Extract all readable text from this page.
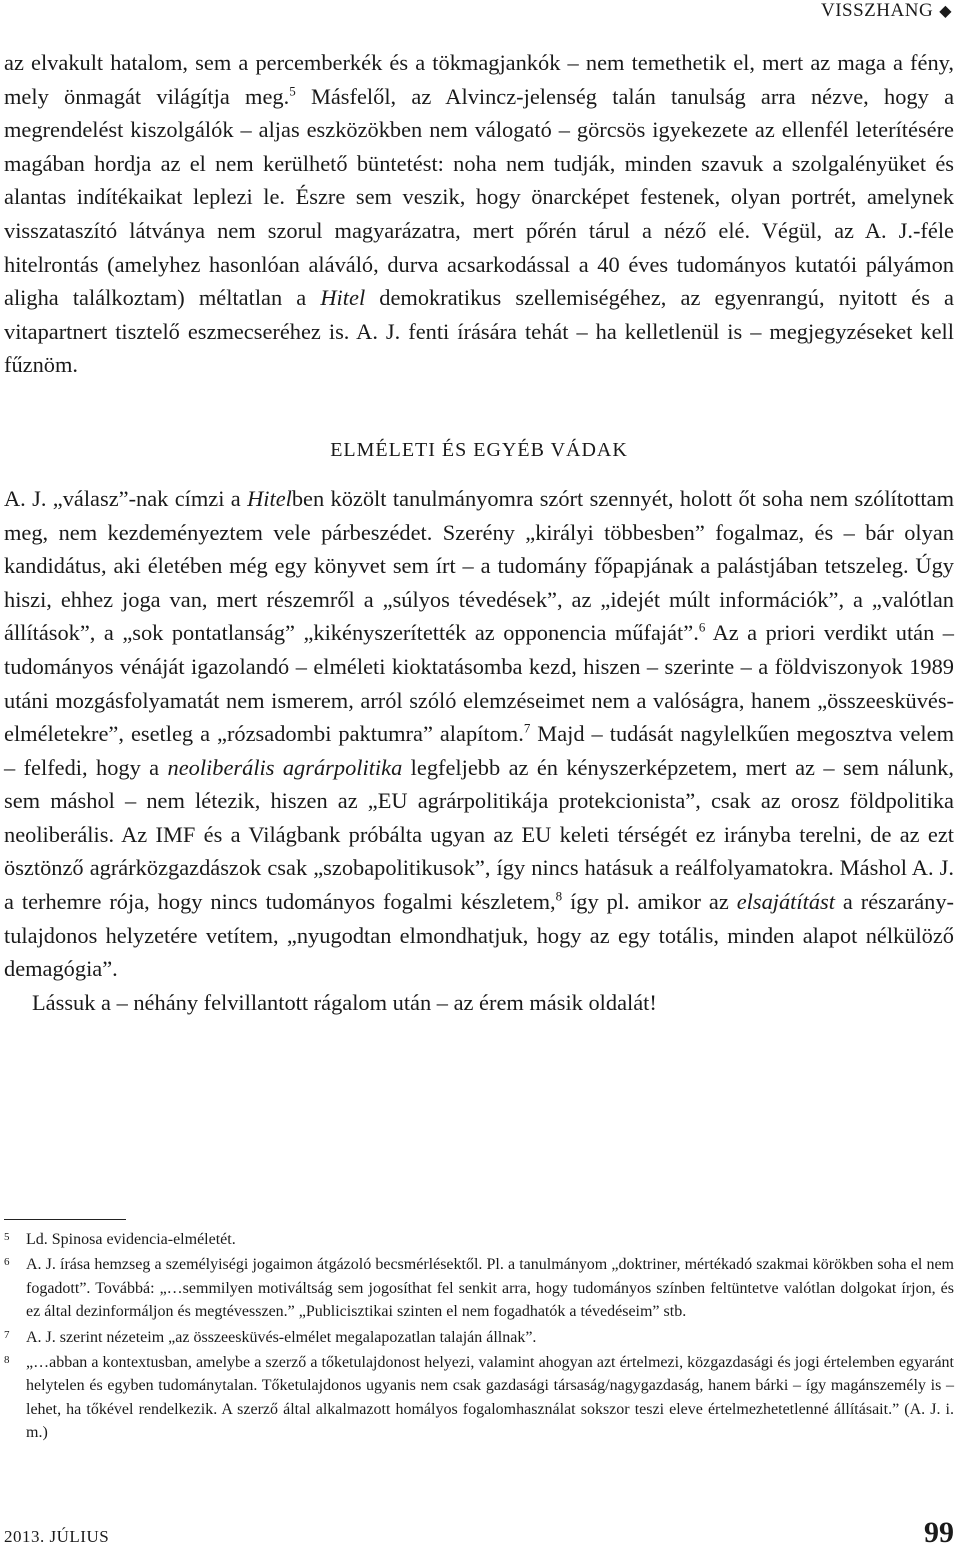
VISSZHANG ◆

az elvakult hatalom, sem a percemberkék és a tökmagjankók – nem temethetik el, mert az maga a fény, mely önmagát világítja meg.$^5$ Másfelől, az Alvincz-jelenség talán tanulság arra nézve, hogy a megrendelést kiszolgálók – aljas eszközökben nem válogató – görcsös igyekezete az ellenfél leterítésére magában hordja az el nem kerülhető büntetést: noha nem tudják, minden szavuk a szolgalényüket és alantas indítékaikat leplezi le. Észre sem veszik, hogy önarcképet festenek, olyan portrét, amelynek visszataszító látványa nem szorul magyarázatra, mert pőrén tárul a néző elé. Végül, az A. J.-féle hitelrontás (amelyhez hasonlóan aláváló, durva acsarkodással a 40 éves tudományos kutatói pályámon aligha találkoztam) méltatlan a Hitel demokratikus szellemiségéhez, az egyenrangú, nyitott és a vitapartnert tisztelő eszmecseréhez is. A. J. fenti írására tehát – ha kelletlenül is – megjegyzéseket kell fűznöm.

ELMÉLETI ÉS EGYÉB VÁDAK

A. J. „válasz”-nak címzi a Hitelben közölt tanulmányomra szórt szennyét, holott őt soha nem szólítottam meg, nem kezdeményeztem vele párbeszédet. Szerény „királyi többesben” fogalmaz, és – bár olyan kandidátus, aki életében még egy könyvet sem írt – a tudomány főpapjának a palástjában tetszeleg. Úgy hiszi, ehhez joga van, mert részemről a „súlyos tévedések”, az „idejét múlt információk”, a „valótlan állítások”, a „sok pontatlanság” „kikényszerítették az opponencia műfaját”.$^6$ Az a priori verdikt után – tudományos vénáját igazolandó – elméleti kioktatásomba kezd, hiszen – szerinte – a földviszonyok 1989 utáni mozgásfolyamatát nem ismerem, arról szóló elemzéseimet nem a valóságra, hanem „összeesküvés-elméletekre”, esetleg a „rózsadombi paktumra” alapítom.$^7$ Majd – tudását nagylelkűen megosztva velem – felfedi, hogy a neoliberális agrárpolitika legfeljebb az én kényszerképzetem, mert az – sem nálunk, sem máshol – nem létezik, hiszen az „EU agrárpolitikája protekcionista”, csak az orosz földpolitika neoliberális. Az IMF és a Világbank próbálta ugyan az EU keleti térségét ez irányba terelni, de az ezt ösztönző agrárközgazdászok csak „szobapolitikusok”, így nincs hatásuk a reálfolyamatokra. Máshol A. J. a terhemre rója, hogy nincs tudományos fogalmi készletem,$^8$ így pl. amikor az elsajátítást a részarány-tulajdonos helyzetére vetítem, „nyugodtan elmondhatjuk, hogy az egy totális, minden alapot nélkülöző demagógia”.

Lássuk a – néhány felvillantott rágalom után – az érem másik oldalát!

5 Ld. Spinosa evidencia-elméletét.
6 A. J. írása hemzseg a személyiségi jogaimon átgázoló becsmérlésektől. Pl. a tanulmányom „doktriner, mértékadó szakmai körökben soha el nem fogadott”. Továbbá: „…semmilyen motiváltság sem jogosíthat fel senkit arra, hogy tudományos színben feltüntetve valótlan dolgokat írjon, és ez által dezinformáljon és megtévesszen.” „Publicisztikai szinten el nem fogadhatók a tévedéseim” stb.
7 A. J. szerint nézeteim „az összeesküvés-elmélet megalapozatlan talaján állnak”.
8 „…abban a kontextusban, amelybe a szerző a tőketulajdonost helyezi, valamint ahogyan azt értelmezi, közgazdasági és jogi értelemben egyaránt helytelen és egyben tudománytalan. Tőketulajdonos ugyanis nem csak gazdasági társaság/nagygazdaság, hanem bárki – így magánszemély is – lehet, ha tőkével rendelkezik. A szerző által alkalmazott homályos fogalomhasználat sokszor teszi eleve értelmezhetetlenné állításait.” (A. J. i. m.)
2013. JÚLIUS	99
